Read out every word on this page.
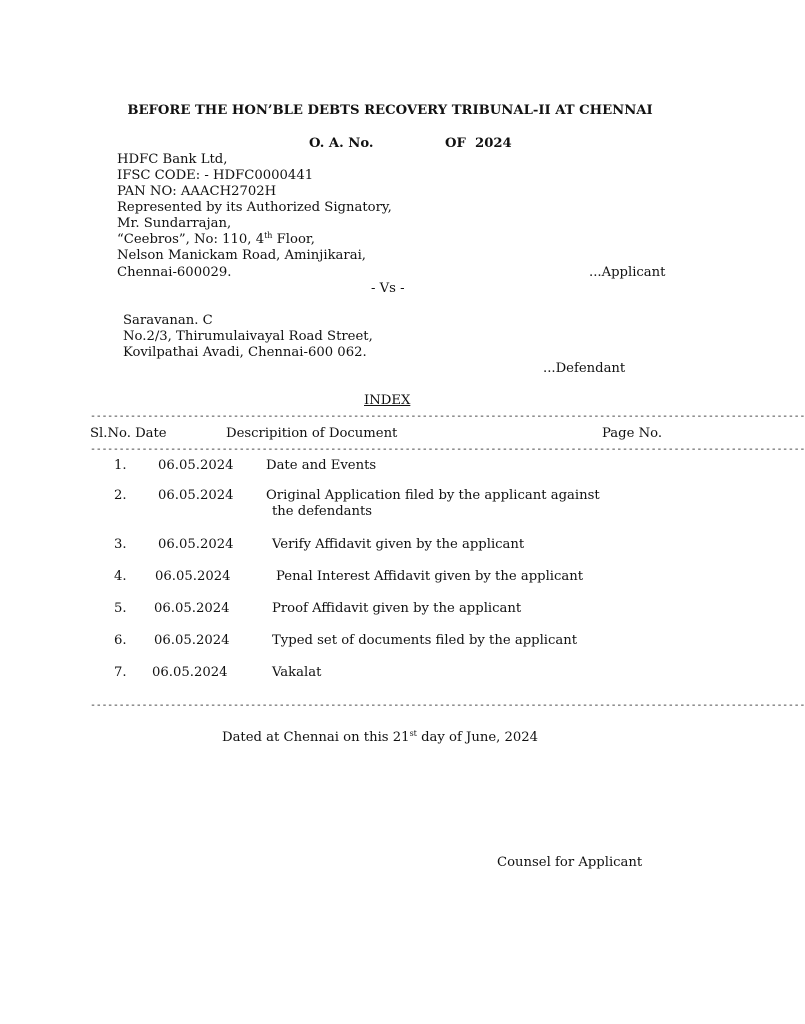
BEFORE THE HON’BLE DEBTS RECOVERY TRIBUNAL-II AT CHENNAI
O. A. No.	OF  2024
HDFC Bank Ltd,
IFSC CODE: - HDFC0000441
PAN NO: AAACH2702H
Represented by its Authorized Signatory,
Mr. Sundarrajan,
“Ceebros”, No: 110, 4th Floor,
Nelson Manickam Road, Aminjikarai,
Chennai-600029.	...Applicant
- Vs -
Saravanan. C
No.2/3, Thirumulaivayal Road Street,
Kovilpathai Avadi, Chennai-600 062.
...Defendant
INDEX
-----------------------------------------------------------------------------------------------------------------------------
Sl.No. Date	Descripition of Document	Page No.
-----------------------------------------------------------------------------------------------------------------------------
1. 06.05.2024 Date and Events
2. 06.05.2024 Original Application filed by the applicant against
the defendants
3. 06.05.2024	Verify Affidavit given by the applicant
4. 06.05.2024	Penal Interest Affidavit given by the applicant
5. 06.05.2024	Proof Affidavit given by the applicant
6. 06.05.2024	Typed set of documents filed by the applicant
7. 06.05.2024	Vakalat
-----------------------------------------------------------------------------------------------------------------------------
Dated at Chennai on this 21st day of June, 2024
Counsel for Applicant
